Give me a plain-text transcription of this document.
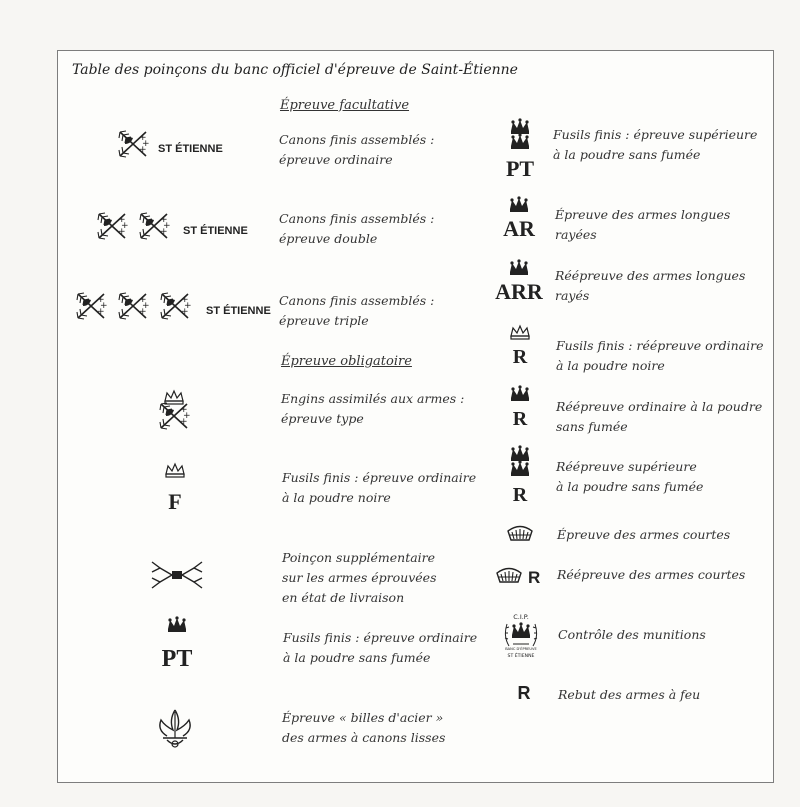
Table des poinçons du banc officiel d'épreuve de Saint-Étienne
Épreuve facultative
Épreuve obligatoire
ST ÉTIENNE
ST ÉTIENNE
ST ÉTIENNE
F
PT
Canons finis assemblés :
épreuve ordinaire
Canons finis assemblés :
épreuve double
Canons finis assemblés :
épreuve triple
Engins assimilés aux armes :
épreuve type
Fusils finis : épreuve ordinaire
à la poudre noire
Poinçon supplémentaire
sur les armes éprouvées
en état de livraison
Fusils finis : épreuve ordinaire
à la poudre sans fumée
Épreuve « billes d'acier »
des armes à canons lisses
PT
AR
ARR
R
R
R
R
C.I.P.
BANC D'ÉPREUVE
ST ÉTIENNE
R
Fusils finis : épreuve supérieure
à la poudre sans fumée
Épreuve des armes longues
rayées
Réépreuve des armes longues
rayés
Fusils finis : réépreuve ordinaire
à la poudre noire
Réépreuve ordinaire à la poudre
sans fumée
Réépreuve supérieure
à la poudre sans fumée
Épreuve des armes courtes
Réépreuve des armes courtes
Contrôle des munitions
Rebut des armes à feu
